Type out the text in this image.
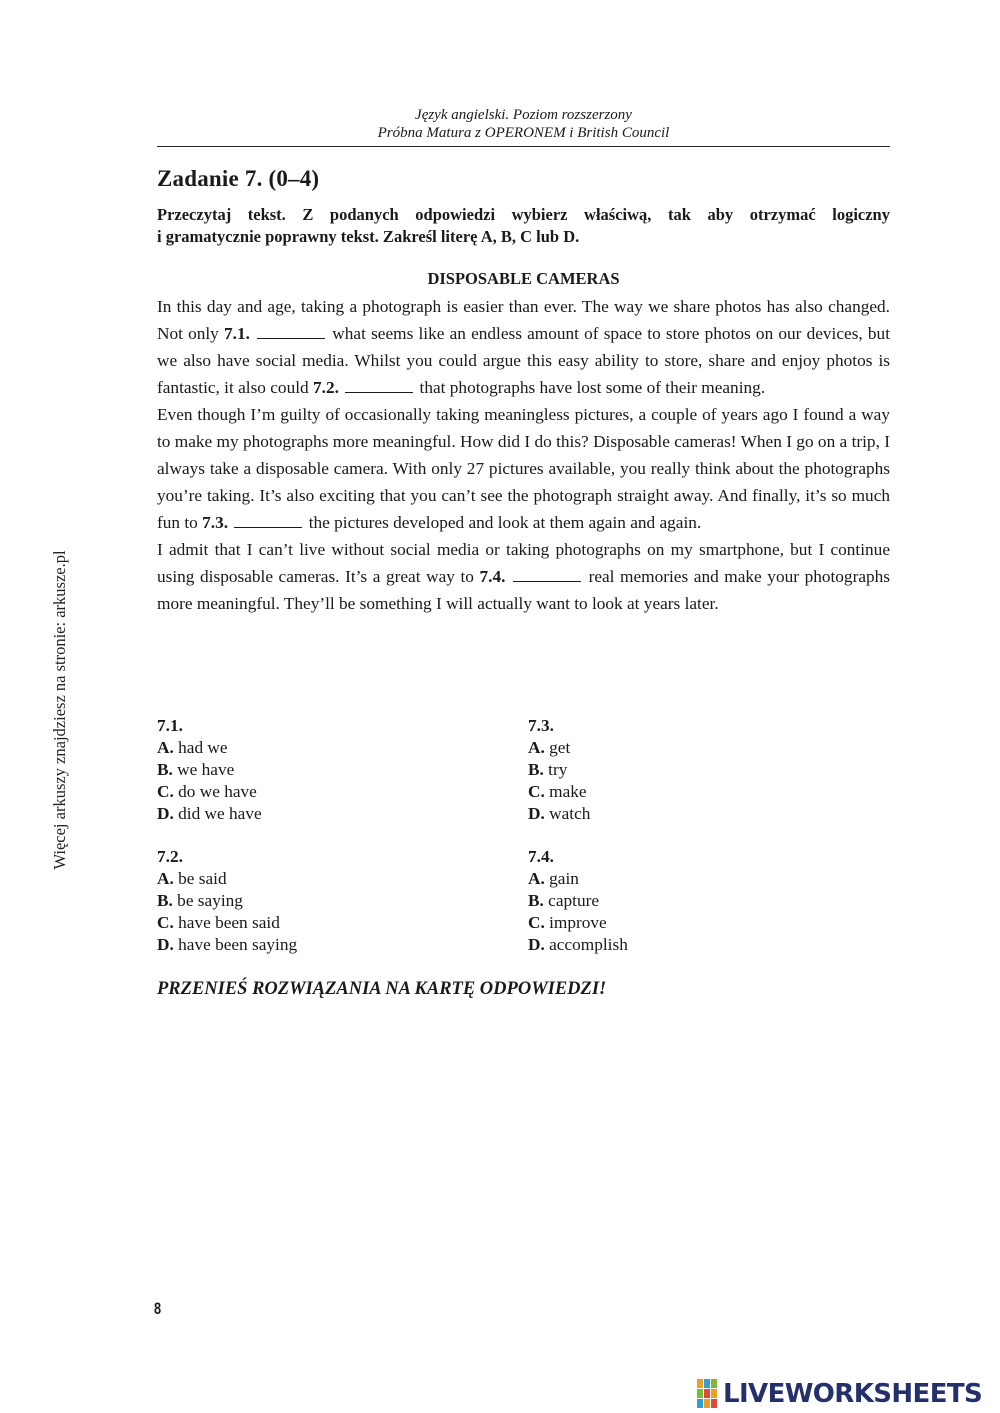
Język angielski. Poziom rozszerzony
Próbna Matura z OPERONEM i British Council
Zadanie 7. (0–4)
Przeczytaj tekst. Z podanych odpowiedzi wybierz właściwą, tak aby otrzymać logiczny
i gramatycznie poprawny tekst. Zakreśl literę A, B, C lub D.
DISPOSABLE CAMERAS

In this day and age, taking a photograph is easier than ever. The way we share photos has also changed. Not only 7.1.	what seems like an endless amount of space to store photos on our devices, but we also have social media. Whilst you could argue this easy ability to store, share and enjoy photos is fantastic, it also could 7.2.	that photographs have lost some of their meaning.

Even though I’m guilty of occasionally taking meaningless pictures, a couple of years ago I found a way to make my photographs more meaningful. How did I do this? Disposable cameras! When I go on a trip, I always take a disposable camera. With only 27 pictures available, you really think about the photographs you’re taking. It’s also exciting that you can’t see the photograph straight away. And finally, it’s so much fun to 7.3.	the pictures developed and look at them again and again.

I admit that I can’t live without social media or taking photographs on my smartphone, but I continue using disposable cameras. It’s a great way to 7.4.	real memories and make your photographs more meaningful. They’ll be something I will actually want to look at years later.

7.1.
A. had we
B. we have
C. do we have
D. did we have
7.3.
A. get
B. try
C. make
D. watch
7.2.
A. be said
B. be saying
C. have been said
D. have been saying
7.4.
A. gain
B. capture
C. improve
D. accomplish
PRZENIEŚ ROZWIĄZANIA NA KARTĘ ODPOWIEDZI!
Więcej arkuszy znajdziesz na stronie: arkusze.pl
8
LIVEWORKSHEETS
